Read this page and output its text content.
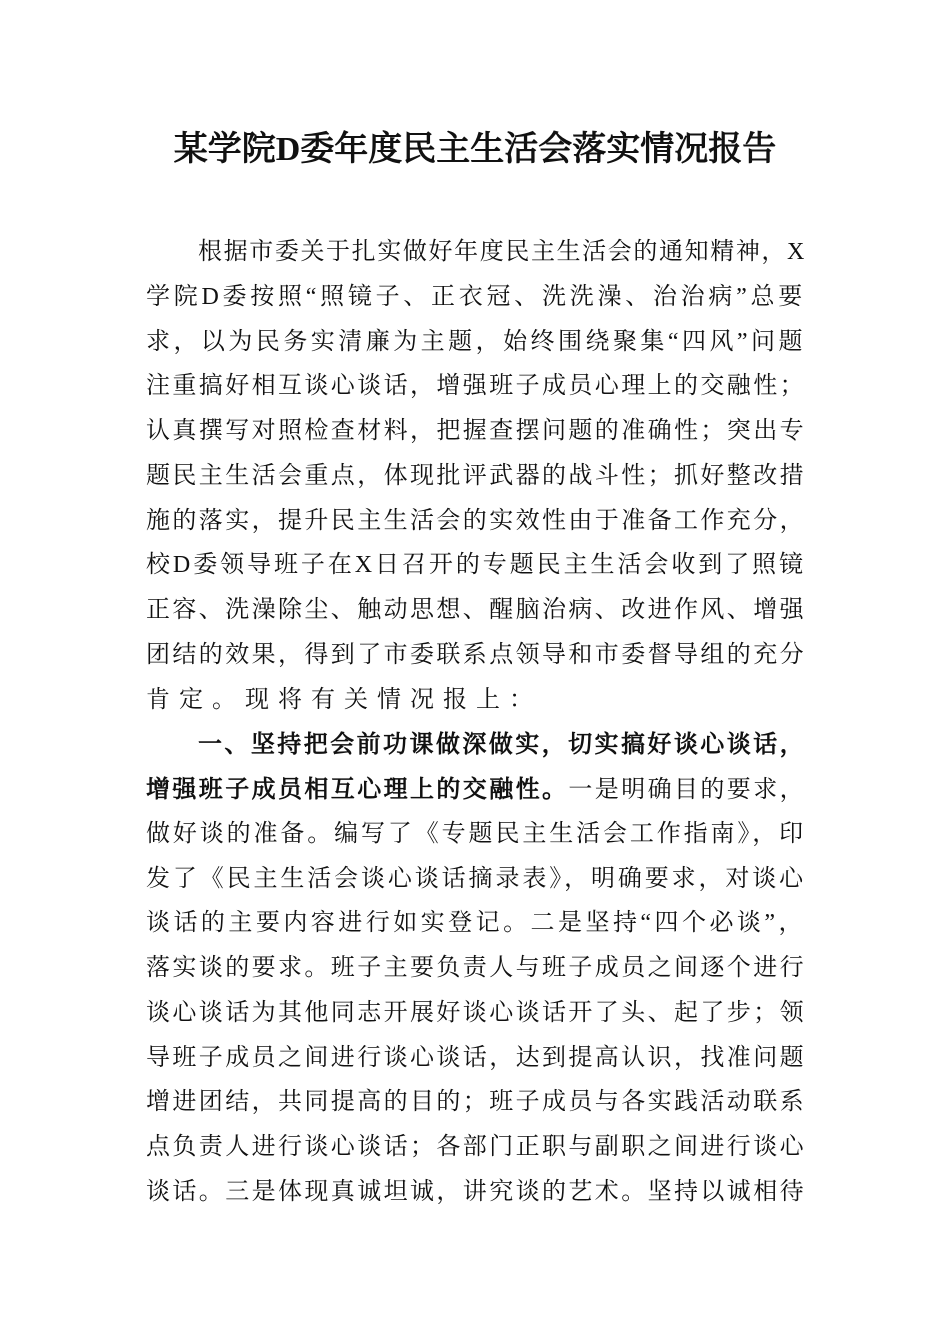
某学院D委年度民主生活会落实情况报告
根据市委关于扎实做好年度民主生活会的通知精神，X
学院D委按照“照镜子、正衣冠、洗洗澡、治治病”总要
求，以为民务实清廉为主题，始终围绕聚集“四风”问题
注重搞好相互谈心谈话，增强班子成员心理上的交融性；
认真撰写对照检查材料，把握查摆问题的准确性；突出专
题民主生活会重点，体现批评武器的战斗性；抓好整改措
施的落实，提升民主生活会的实效性由于准备工作充分，
校D委领导班子在X日召开的专题民主生活会收到了照镜
正容、洗澡除尘、触动思想、醒脑治病、改进作风、增强
团结的效果，得到了市委联系点领导和市委督导组的充分
肯定。现将有关情况报上：
一、坚持把会前功课做深做实，切实搞好谈心谈话，
增强班子成员相互心理上的交融性。一是明确目的要求，
做好谈的准备。编写了《专题民主生活会工作指南》，印
发了《民主生活会谈心谈话摘录表》，明确要求，对谈心
谈话的主要内容进行如实登记。二是坚持“四个必谈”，
落实谈的要求。班子主要负责人与班子成员之间逐个进行
谈心谈话为其他同志开展好谈心谈话开了头、起了步；领
导班子成员之间进行谈心谈话，达到提高认识，找准问题
增进团结，共同提高的目的；班子成员与各实践活动联系
点负责人进行谈心谈话；各部门正职与副职之间进行谈心
谈话。三是体现真诚坦诚，讲究谈的艺术。坚持以诚相待
